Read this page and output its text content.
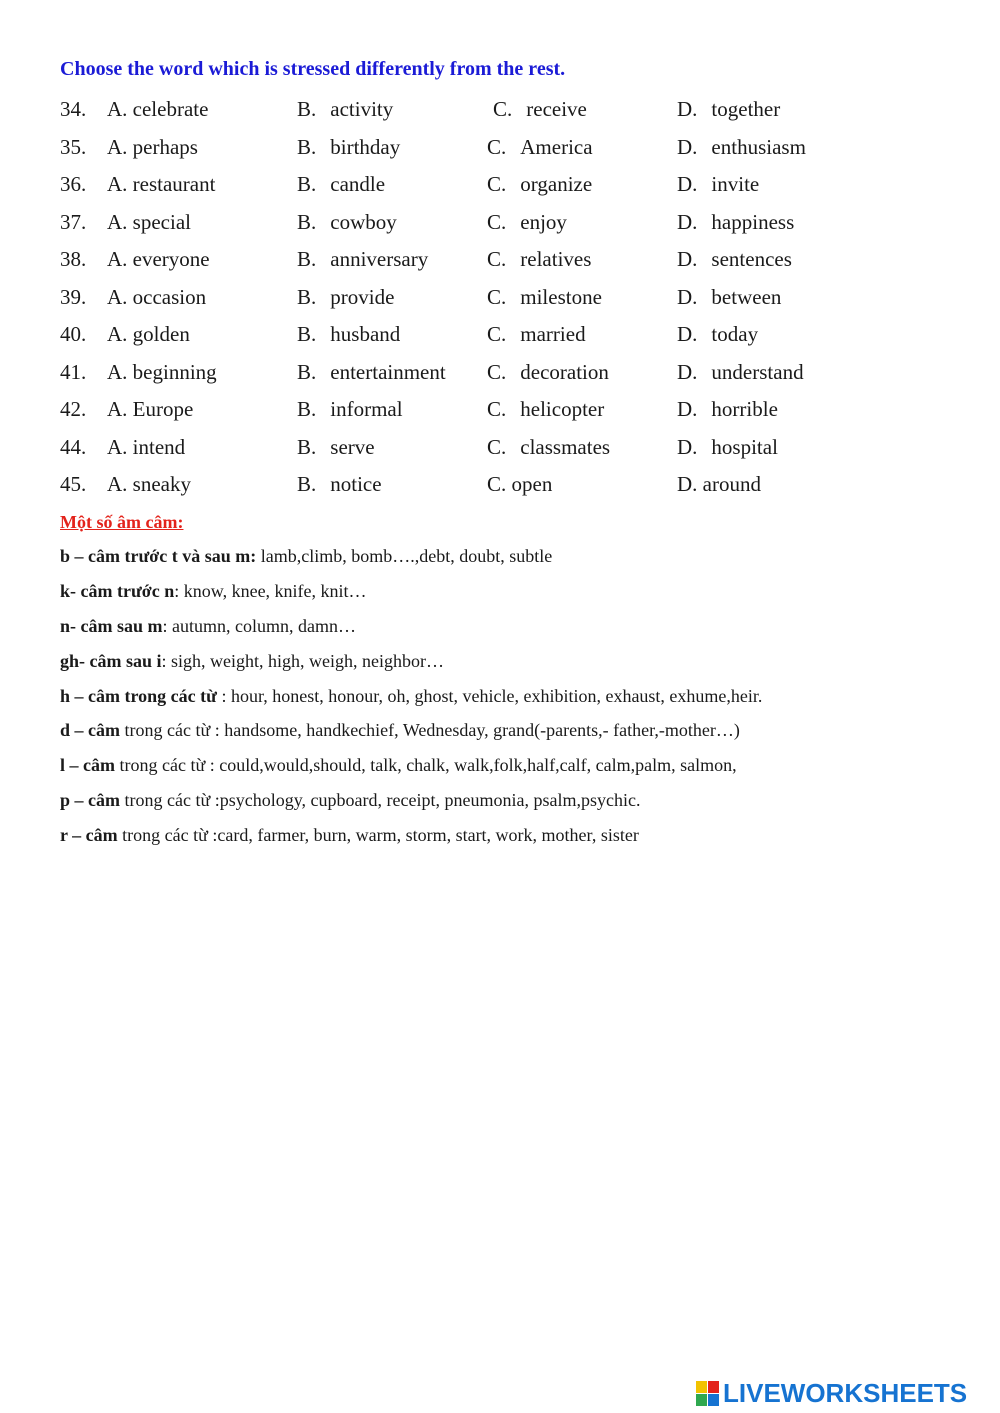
Choose the word which is stressed differently from the rest.
34. A. celebrate	B. activity	C. receive	D. together
35. A. perhaps	B. birthday	C. America	D. enthusiasm
36. A. restaurant	B. candle	C. organize	D. invite
37. A. special	B. cowboy	C. enjoy	D. happiness
38. A. everyone	B. anniversary	C. relatives	D. sentences
39. A. occasion	B. provide	C. milestone	D. between
40. A. golden	B. husband	C. married	D. today
41. A. beginning	B. entertainment C. decoration	D. understand
42. A. Europe	B. informal	C. helicopter	D. horrible
44. A. intend	B. serve	C. classmates	D. hospital
45. A. sneaky	B. notice	C. open	D. around
Một số âm câm:
b – câm trước t và sau m: lamb,climb, bomb….,debt, doubt, subtle
k- câm trước n: know, knee, knife, knit…
n- câm sau m: autumn, column, damn…
gh- câm sau i: sigh, weight, high, weigh, neighbor…
h – câm trong các từ : hour, honest, honour, oh, ghost, vehicle, exhibition, exhaust, exhume,heir.
d – câm trong các từ : handsome, handkechief, Wednesday, grand(-parents,- father,-mother…)
l – câm trong các từ : could,would,should, talk, chalk, walk,folk,half,calf, calm,palm, salmon,
p – câm trong các từ :psychology, cupboard, receipt, pneumonia, psalm,psychic.
r – câm trong các từ :card, farmer, burn, warm, storm, start, work, mother, sister
LIVEWORKSHEETS
